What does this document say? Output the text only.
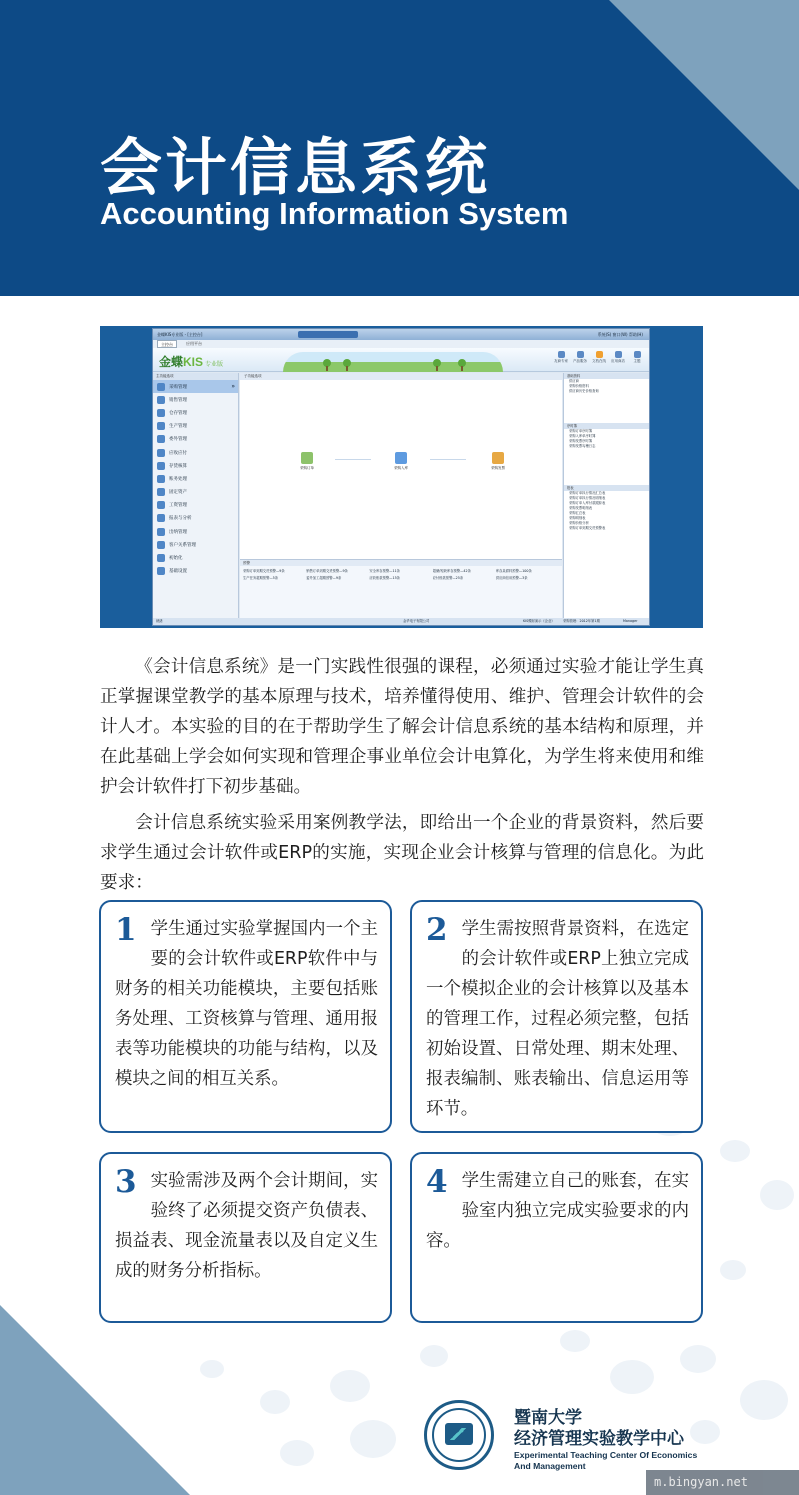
会计信息系统
Accounting Information System
金蝶KIS专业版 - [主控台]	系统(S) 窗口(W) 帮助(H)
主控台	应用平台
金蝶KIS 专业版
友商专家 产品服务 文档在线 应用商店	主题
主功能选项
采购管理
»
销售管理
仓存管理
生产管理
委外管理
应收应付
存货核算
账务处理
固定资产
工资管理
报表与分析
出纳管理
客户关系管理
初始化
基础设置
子功能选项
采购订单	采购入库	采购发票
预警
采购订单到期交货预警—9条	销售订单到期交货预警—9条	安全库存预警—11条	超储/短缺库存预警—42条	库存呆滞料预警—100条
生产任务超期预警—5条	委外加工超期预警—9条	应收账款预警—15条	应付账款预警—25条	供应商信用预警—3条
基础资料
供应商
采购价格资料
供应商历史价格查询
序时簿
采购订单序时簿
采购入库单序时簿
采购发票序时簿
采购发票勾稽日志
报表
采购订单执行情况汇总表
采购订单执行情况明细表
采购订单入库付款跟踪表
采购发票明细表
采购汇总表
采购明细表
采购价格分析
采购订单到期交货预警表
就绪	金华电子有限公司	KIS蝶财演示《企业》	采购管理：2012年第1期	Manager

《会计信息系统》是一门实践性很强的课程，必须通过实验才能让学生真正掌握课堂教学的基本原理与技术，培养懂得使用、维护、管理会计软件的会计人才。本实验的目的在于帮助学生了解会计信息系统的基本结构和原理，并在此基础上学会如何实现和管理企事业单位会计电算化，为学生将来使用和维护会计软件打下初步基础。

会计信息系统实验采用案例教学法，即给出一个企业的背景资料，然后要求学生通过会计软件或ERP的实施，实现企业会计核算与管理的信息化。为此要求：

1 学生通过实验掌握国内一个主要的会计软件或ERP软件中与财务的相关功能模块，主要包括账务处理、工资核算与管理、通用报表等功能模块的功能与结构，以及模块之间的相互关系。
2 学生需按照背景资料，在选定的会计软件或ERP上独立完成一个模拟企业的会计核算以及基本的管理工作，过程必须完整，包括初始设置、日常处理、期末处理、报表编制、账表输出、信息运用等环节。
3 实验需涉及两个会计期间，实验终了必须提交资产负债表、损益表、现金流量表以及自定义生成的财务分析指标。
4 学生需建立自己的账套，在实验室内独立完成实验要求的内容。
暨南大学
经济管理实验教学中心
Experimental Teaching Center Of Economics
And Management
m.bingyan.net
